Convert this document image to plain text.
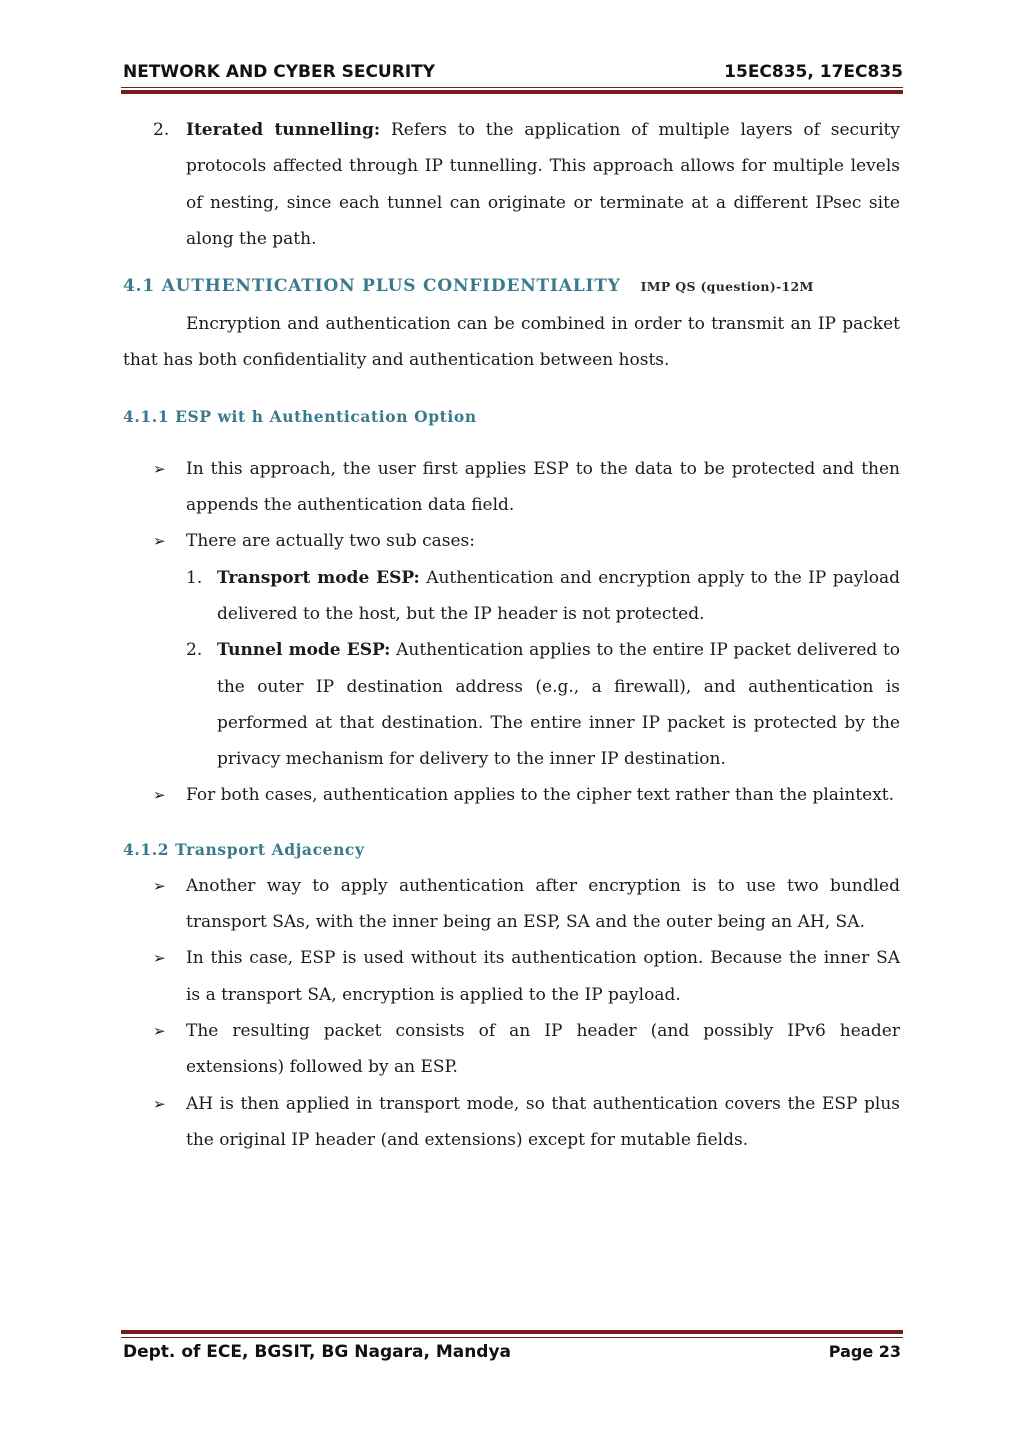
NETWORK AND CYBER SECURITY	15EC835, 17EC835

2. Iterated tunnelling: Refers to the application of multiple layers of security protocols affected through IP tunnelling. This approach allows for multiple levels of nesting, since each tunnel can originate or terminate at a different IPsec site along the path.

4.1 AUTHENTICATION PLUS CONFIDENTIALITY IMP QS (question)-12M

Encryption and authentication can be combined in order to transmit an IP packet that has both confidentiality and authentication between hosts.

4.1.1 ESP wit h Authentication Option

➢ In this approach, the user first applies ESP to the data to be protected and then appends the authentication data field.

➢ There are actually two sub cases:

1. Transport mode ESP: Authentication and encryption apply to the IP payload delivered to the host, but the IP header is not protected.

2. Tunnel mode ESP: Authentication applies to the entire IP packet delivered to the outer IP destination address (e.g., a firewall), and authentication is performed at that destination. The entire inner IP packet is protected by the privacy mechanism for delivery to the inner IP destination.

➢ For both cases, authentication applies to the cipher text rather than the plaintext.

4.1.2 Transport Adjacency

➢ Another way to apply authentication after encryption is to use two bundled transport SAs, with the inner being an ESP, SA and the outer being an AH, SA.

➢ In this case, ESP is used without its authentication option. Because the inner SA is a transport SA, encryption is applied to the IP payload.

➢ The resulting packet consists of an IP header (and possibly IPv6 header extensions) followed by an ESP.

➢ AH is then applied in transport mode, so that authentication covers the ESP plus the original IP header (and extensions) except for mutable fields.

Dept. of ECE, BGSIT, BG Nagara, Mandya	Page 23
